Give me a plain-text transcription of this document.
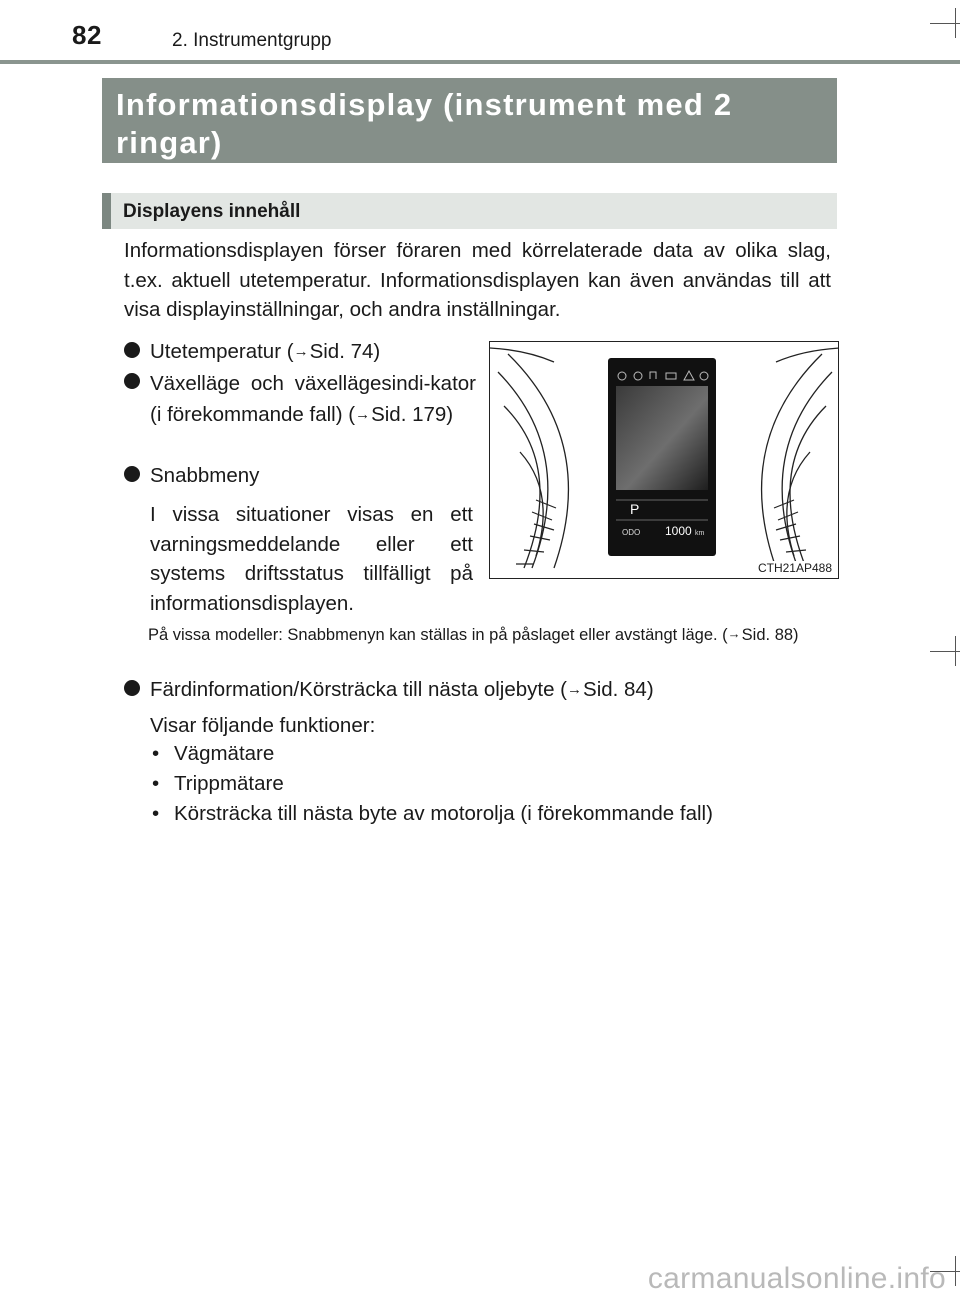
82	2. Instrumentgrupp
Informationsdisplay (instrument med 2 ringar)
Displayens innehåll

Informationsdisplayen förser föraren med körrelaterade data av olika slag, t.ex. aktuell utetemperatur. Informationsdisplayen kan även användas till att visa displayinställningar, och andra inställningar.

Utetemperatur (→Sid. 74)
Växelläge och växellägesindi-kator (i förekommande fall) (→Sid. 179)
Snabbmeny

I vissa situationer visas en ett varningsmeddelande eller ett systems driftsstatus tillfälligt på informationsdisplayen.

På vissa modeller: Snabbmenyn kan ställas in på påslaget eller avstängt läge. (→Sid. 88)

Färdinformation/Körsträcka till nästa oljebyte (→Sid. 84)

Visar följande funktioner:

• Vägmätare
• Trippmätare
• Körsträcka till nästa byte av motorolja (i förekommande fall)
P
ODO 1000 km
CTH21AP488
carmanualsonline.info
